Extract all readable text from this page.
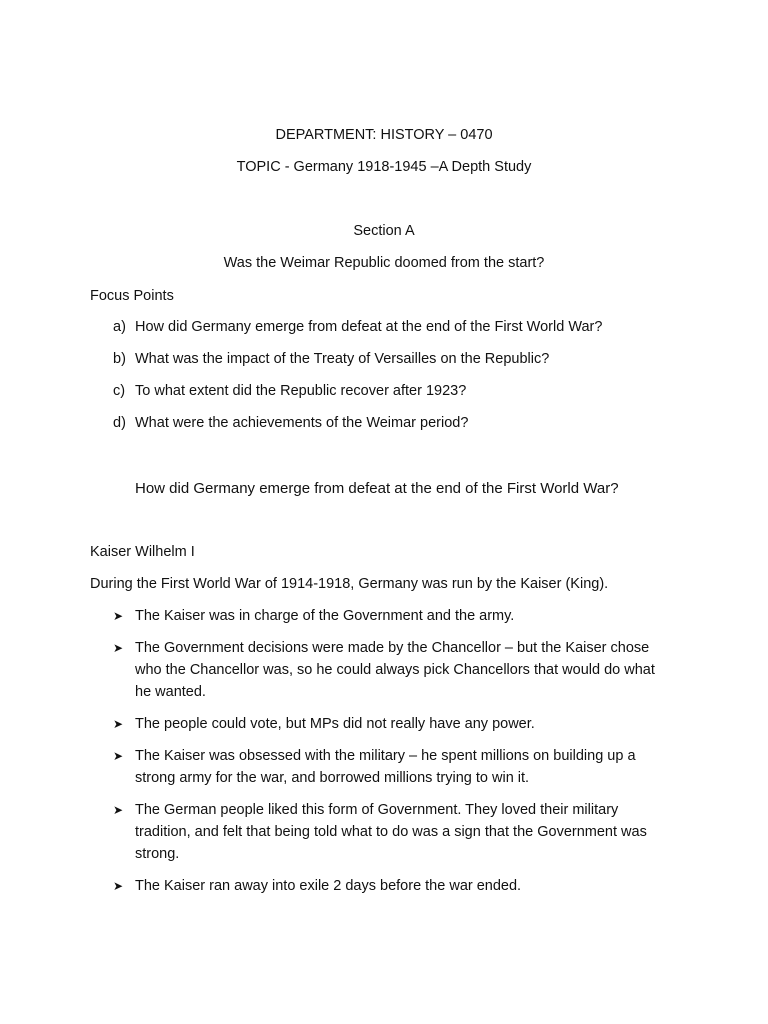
DEPARTMENT: HISTORY – 0470
TOPIC - Germany 1918-1945 –A Depth Study
Section A
Was the Weimar Republic doomed from the start?
Focus Points
a) How did Germany emerge from defeat at the end of the First World War?
b) What was the impact of the Treaty of Versailles on the Republic?
c) To what extent did the Republic recover after 1923?
d) What were the achievements of the Weimar period?
How did Germany emerge from defeat at the end of the First World War?
Kaiser Wilhelm I
During the First World War of 1914-1918, Germany was run by the Kaiser (King).
➤ The Kaiser was in charge of the Government and the army.
➤ The Government decisions were made by the Chancellor – but the Kaiser chose who the Chancellor was, so he could always pick Chancellors that would do what he wanted.
➤ The people could vote, but MPs did not really have any power.
➤ The Kaiser was obsessed with the military – he spent millions on building up a strong army for the war, and borrowed millions trying to win it.
➤ The German people liked this form of Government. They loved their military tradition, and felt that being told what to do was a sign that the Government was strong.
➤ The Kaiser ran away into exile 2 days before the war ended.
